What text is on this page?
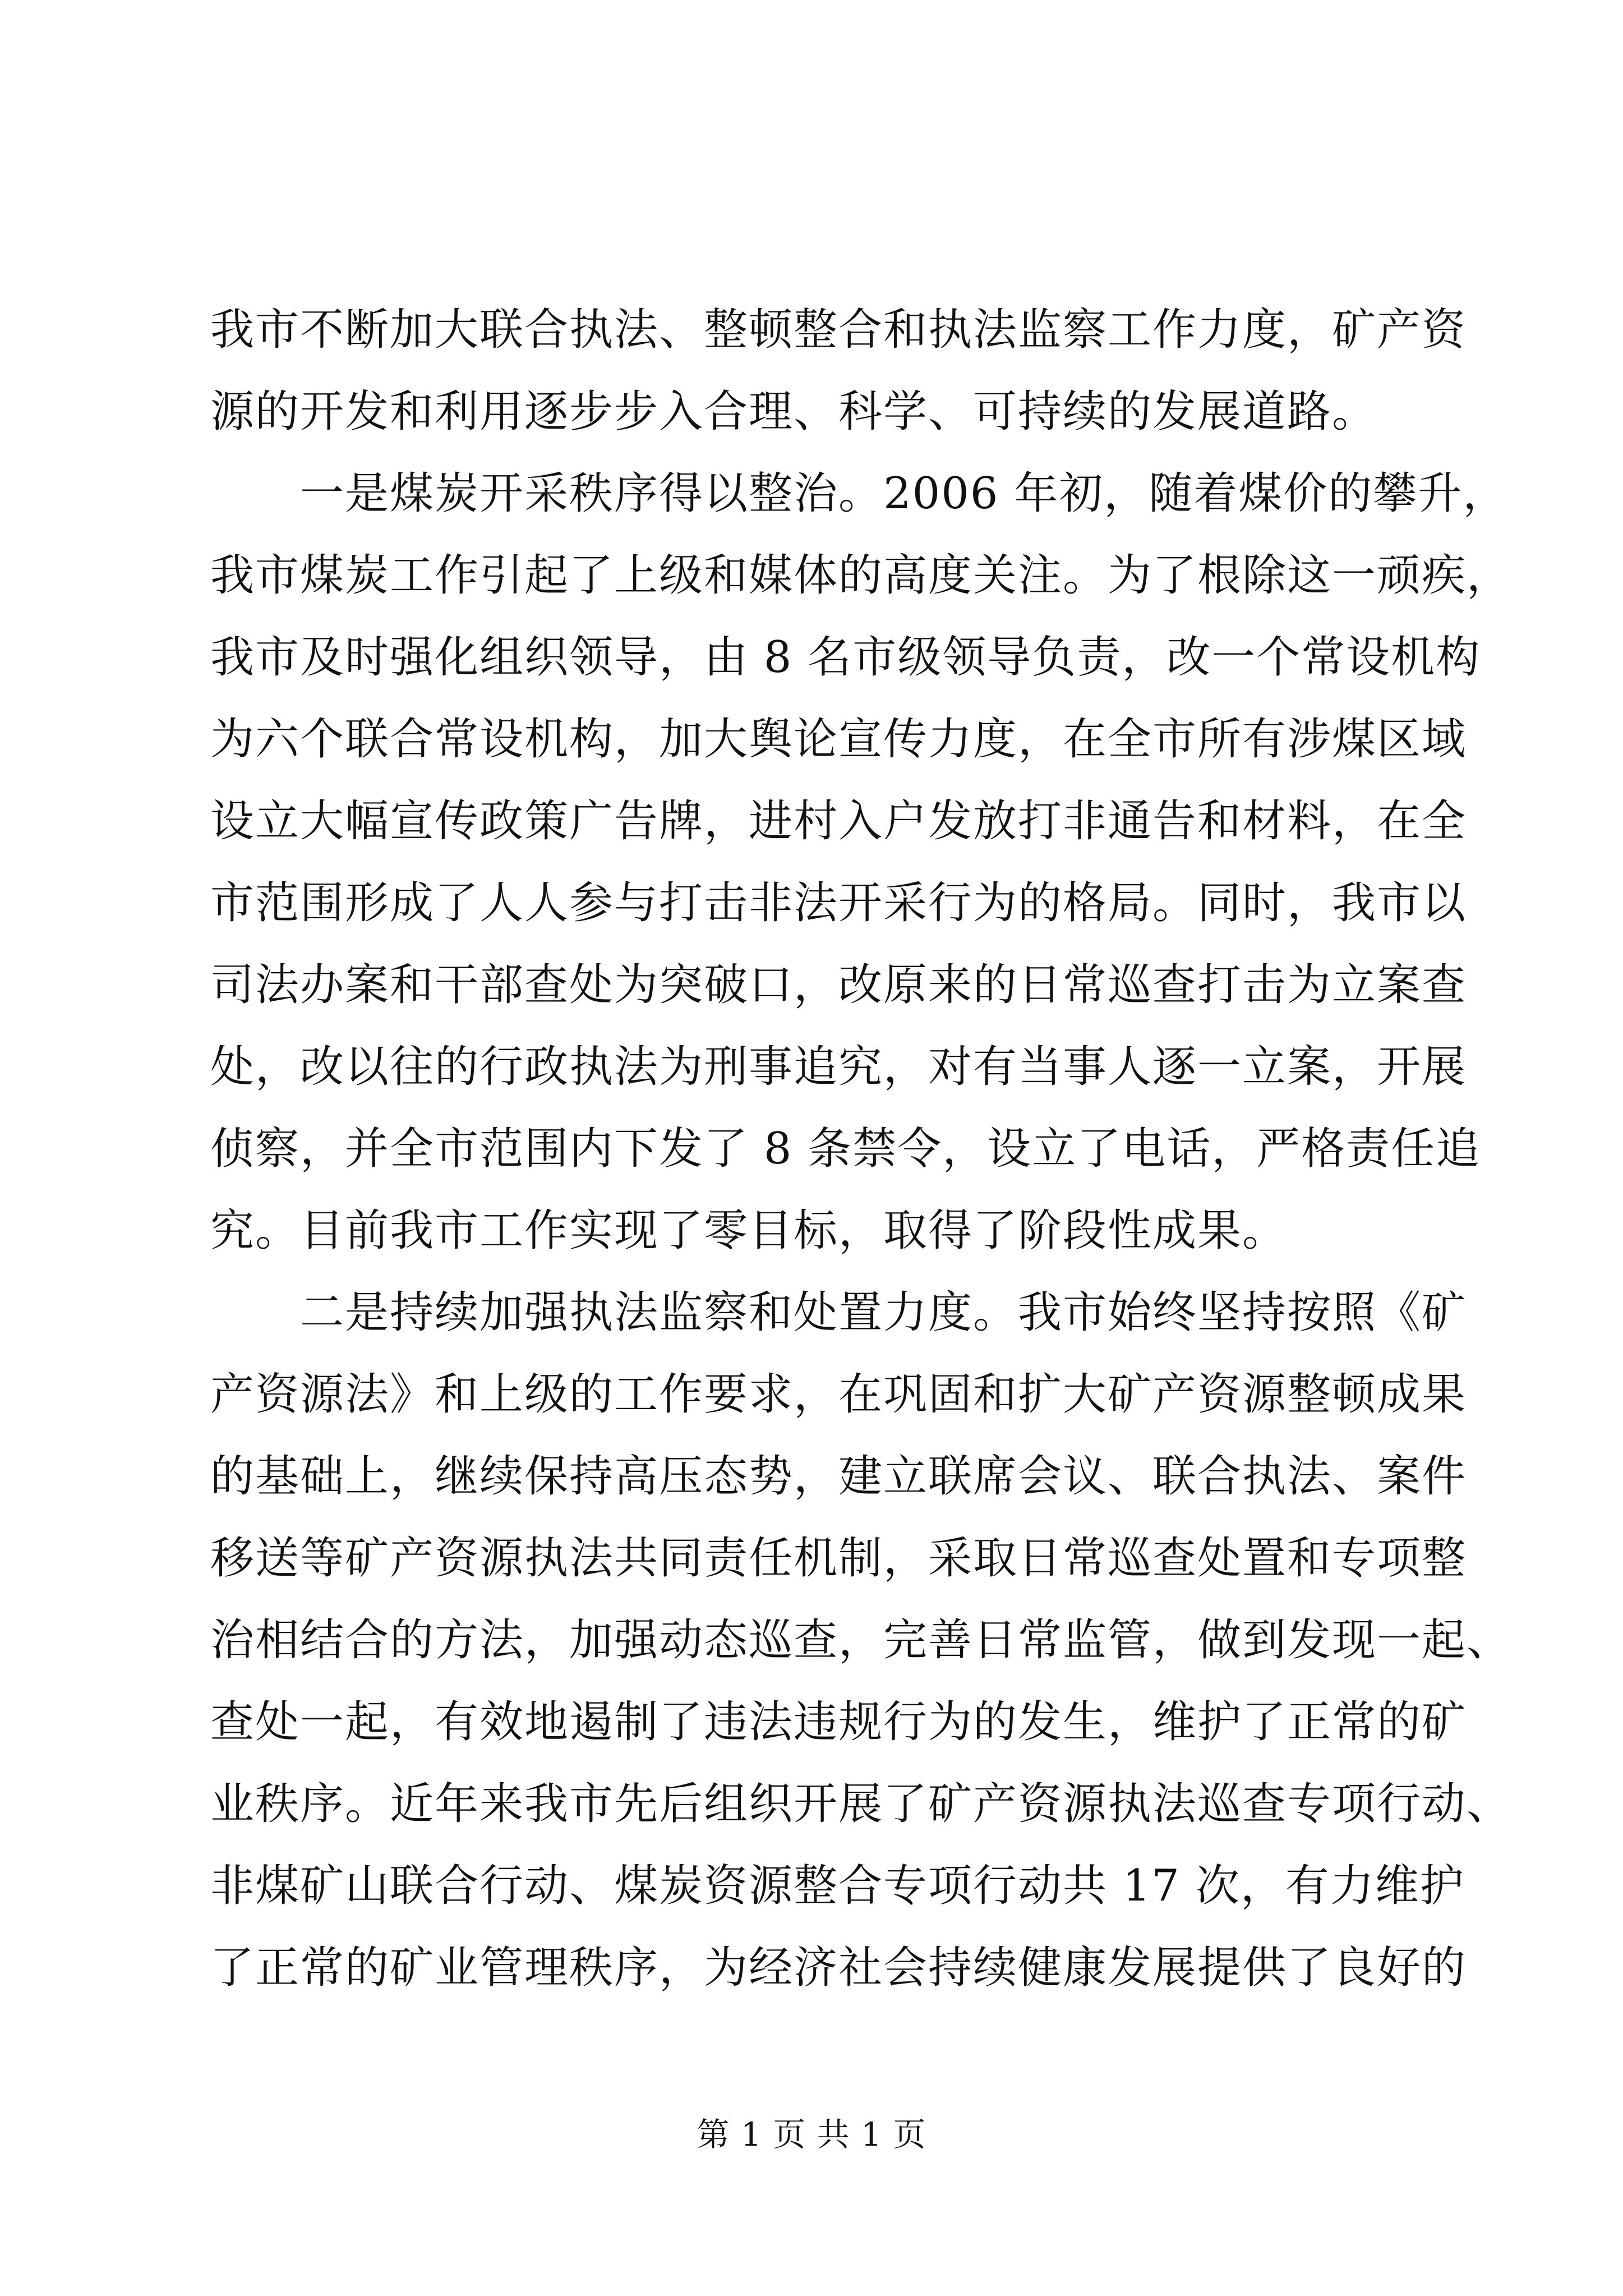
我市不断加大联合执法、整顿整合和执法监察工作力度，矿产资
源的开发和利用逐步步入合理、科学、可持续的发展道路。
　　一是煤炭开采秩序得以整治。2006 年初，随着煤价的攀升，
我市煤炭工作引起了上级和媒体的高度关注。为了根除这一顽疾，
我市及时强化组织领导，由 8 名市级领导负责，改一个常设机构
为六个联合常设机构，加大舆论宣传力度，在全市所有涉煤区域
设立大幅宣传政策广告牌，进村入户发放打非通告和材料，在全
市范围形成了人人参与打击非法开采行为的格局。同时，我市以
司法办案和干部查处为突破口，改原来的日常巡查打击为立案查
处，改以往的行政执法为刑事追究，对有当事人逐一立案，开展
侦察，并全市范围内下发了 8 条禁令，设立了电话，严格责任追
究。目前我市工作实现了零目标，取得了阶段性成果。
　　二是持续加强执法监察和处置力度。我市始终坚持按照《矿
产资源法》和上级的工作要求，在巩固和扩大矿产资源整顿成果
的基础上，继续保持高压态势，建立联席会议、联合执法、案件
移送等矿产资源执法共同责任机制，采取日常巡查处置和专项整
治相结合的方法，加强动态巡查，完善日常监管，做到发现一起、
查处一起，有效地遏制了违法违规行为的发生，维护了正常的矿
业秩序。近年来我市先后组织开展了矿产资源执法巡查专项行动、
非煤矿山联合行动、煤炭资源整合专项行动共 17 次，有力维护
了正常的矿业管理秩序，为经济社会持续健康发展提供了良好的
第 1 页 共 1 页
